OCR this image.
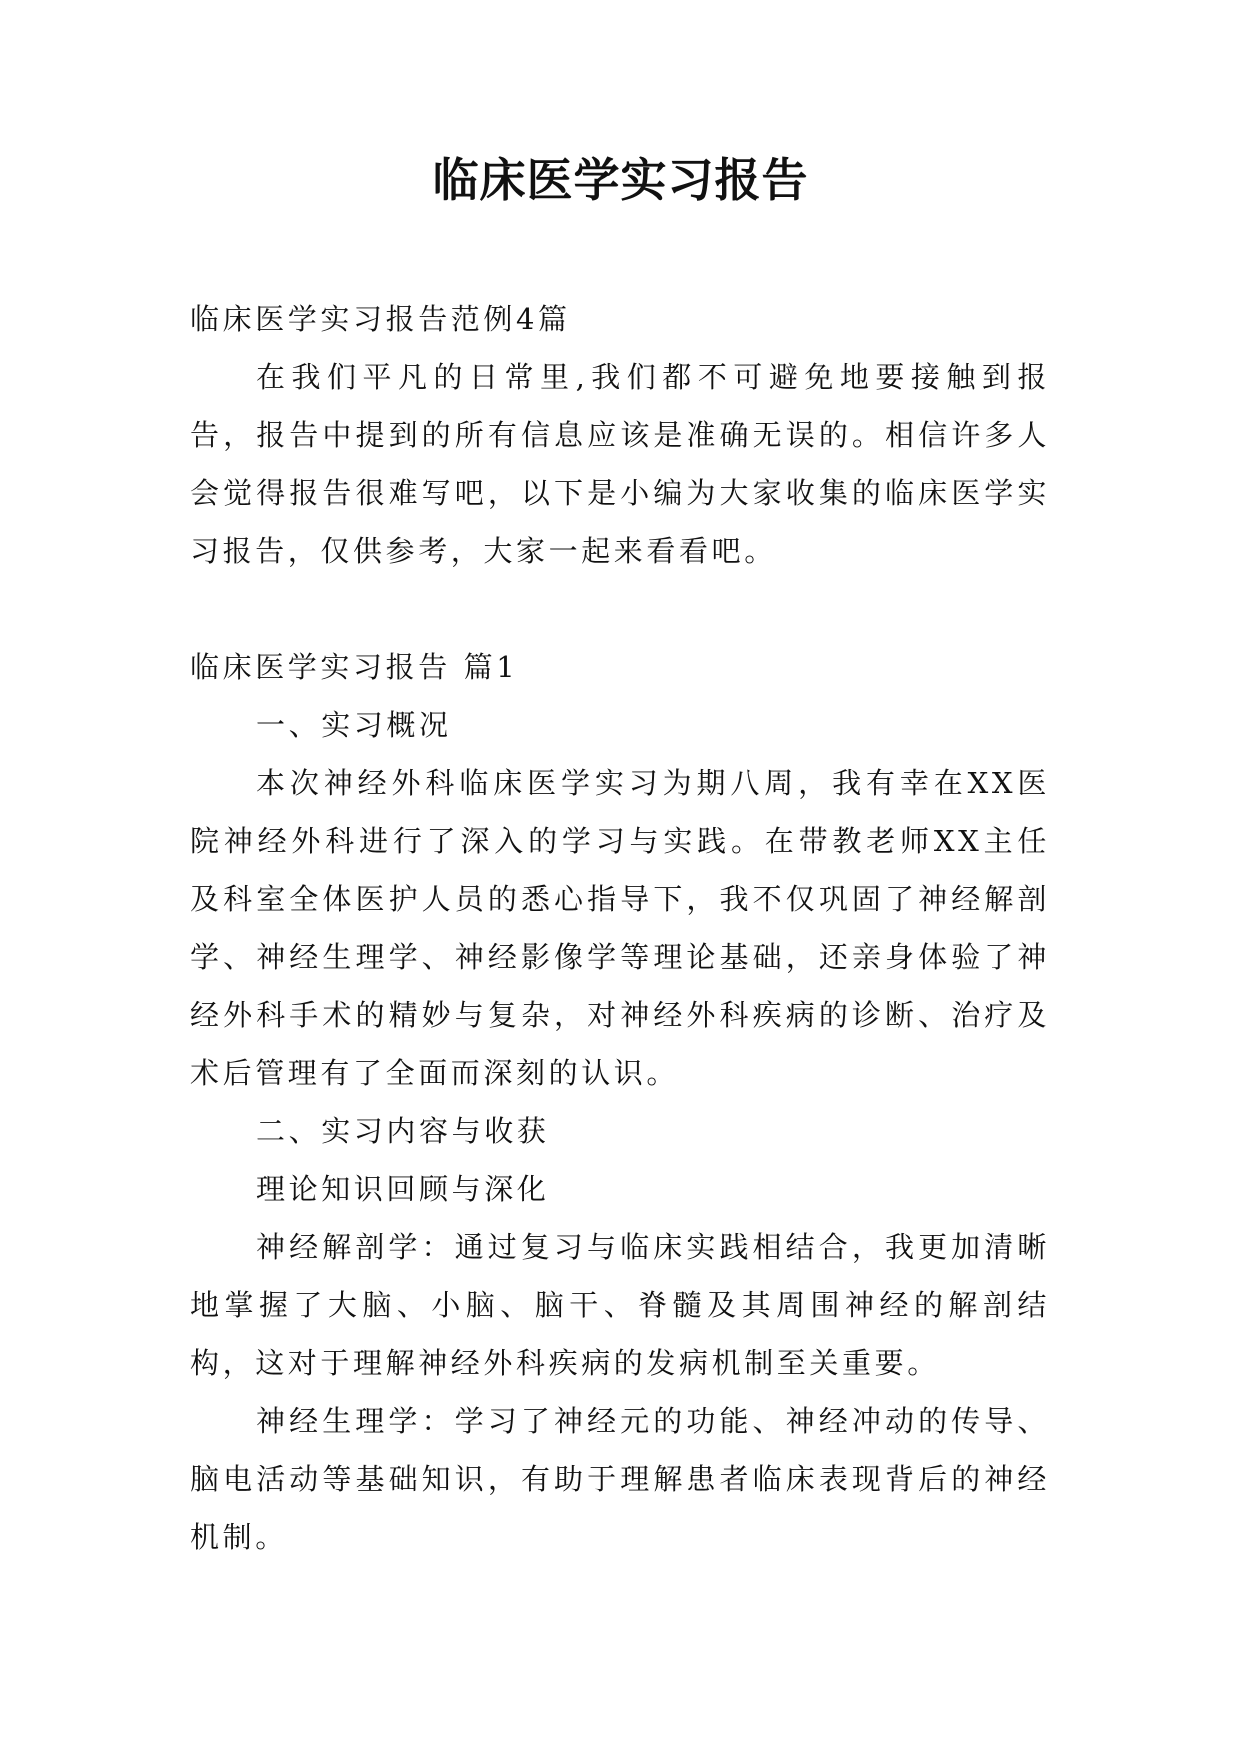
临床医学实习报告

临床医学实习报告范例4篇

在我们平凡的日常里,我们都不可避免地要接触到报告，报告中提到的所有信息应该是准确无误的。相信许多人会觉得报告很难写吧，以下是小编为大家收集的临床医学实习报告，仅供参考，大家一起来看看吧。

临床医学实习报告 篇1

一、实习概况

本次神经外科临床医学实习为期八周，我有幸在XX医院神经外科进行了深入的学习与实践。在带教老师XX主任及科室全体医护人员的悉心指导下，我不仅巩固了神经解剖学、神经生理学、神经影像学等理论基础，还亲身体验了神经外科手术的精妙与复杂，对神经外科疾病的诊断、治疗及术后管理有了全面而深刻的认识。

二、实习内容与收获

理论知识回顾与深化

神经解剖学：通过复习与临床实践相结合，我更加清晰地掌握了大脑、小脑、脑干、脊髓及其周围神经的解剖结构，这对于理解神经外科疾病的发病机制至关重要。

神经生理学：学习了神经元的功能、神经冲动的传导、脑电活动等基础知识，有助于理解患者临床表现背后的神经机制。
